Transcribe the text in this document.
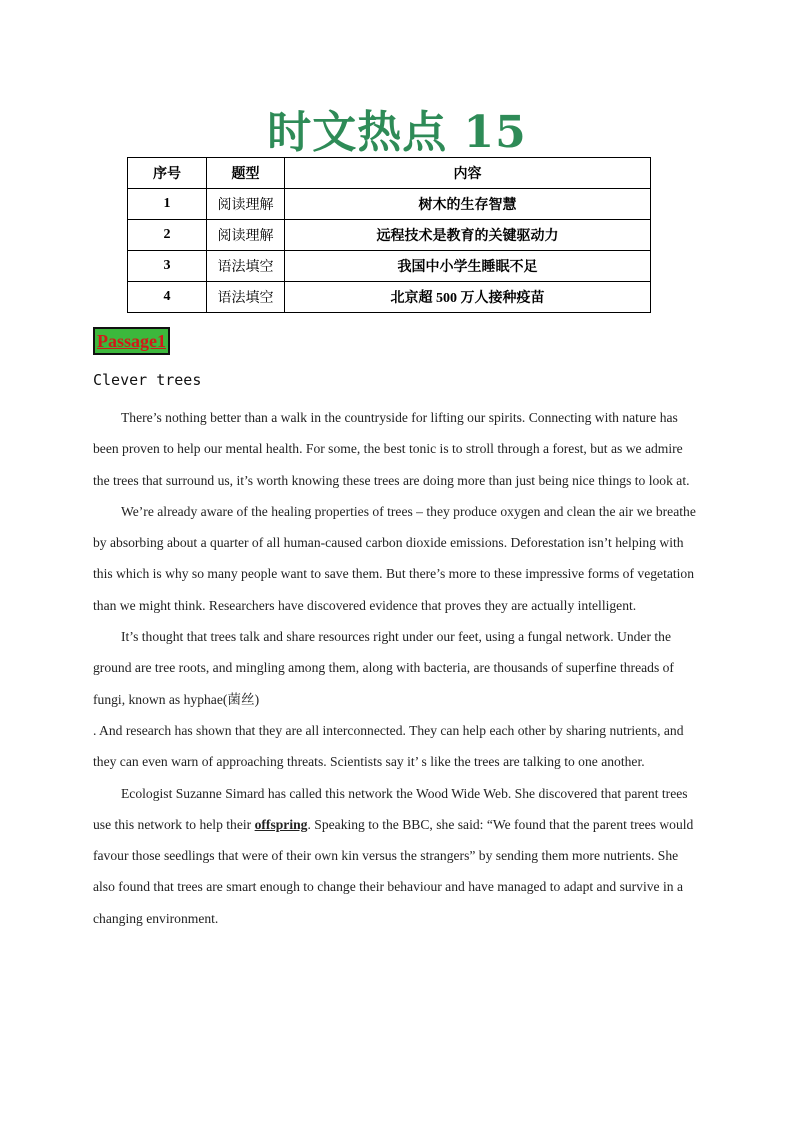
时文热点 15
序号	题型	内容
1	阅读理解	树木的生存智慧
2	阅读理解	远程技术是教育的关键驱动力
3	语法填空	我国中小学生睡眠不足
4	语法填空	北京超 500 万人接种疫苗
Passage1
Clever trees

There’s nothing better than a walk in the countryside for lifting our spirits. Connecting with nature has been proven to help our mental health. For some, the best tonic is to stroll through a forest, but as we admire the trees that surround us, it’s worth knowing these trees are doing more than just being nice things to look at.

We’re already aware of the healing properties of trees – they produce oxygen and clean the air we breathe by absorbing about a quarter of all human-caused carbon dioxide emissions. Deforestation isn’t helping with this which is why so many people want to save them. But there’s more to these impressive forms of vegetation than we might think. Researchers have discovered evidence that proves they are actually intelligent.

It’s thought that trees talk and share resources right under our feet, using a fungal network. Under the ground are tree roots, and mingling among them, along with bacteria, are thousands of superfine threads of fungi, known as hyphae(菌丝)

. And research has shown that they are all interconnected. They can help each other by sharing nutrients, and they can even warn of approaching threats. Scientists say it’ s like the trees are talking to one another.

Ecologist Suzanne Simard has called this network the Wood Wide Web. She discovered that parent trees use this network to help their offspring. Speaking to the BBC, she said: “We found that the parent trees would favour those seedlings that were of their own kin versus the strangers” by sending them more nutrients. She also found that trees are smart enough to change their behaviour and have managed to adapt and survive in a changing environment.
